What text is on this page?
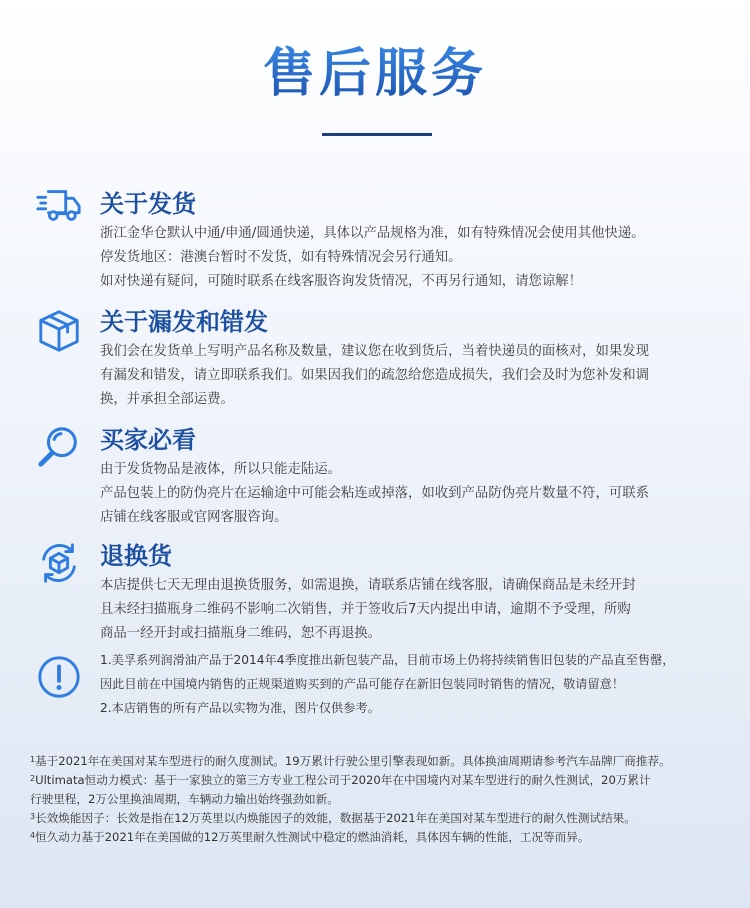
售后服务
关于发货

浙江金华仓默认中通/申通/圆通快递，具体以产品规格为准，如有特殊情况会使用其他快递。

停发货地区：港澳台暂时不发货，如有特殊情况会另行通知。

如对快递有疑问，可随时联系在线客服咨询发货情况，不再另行通知，请您谅解！

关于漏发和错发

我们会在发货单上写明产品名称及数量，建议您在收到货后，当着快递员的面核对，如果发现

有漏发和错发，请立即联系我们。如果因我们的疏忽给您造成损失，我们会及时为您补发和调

换，并承担全部运费。

买家必看

由于发货物品是液体，所以只能走陆运。

产品包装上的防伪亮片在运输途中可能会粘连或掉落，如收到产品防伪亮片数量不符，可联系

店铺在线客服或官网客服咨询。

退换货

本店提供七天无理由退换货服务，如需退换，请联系店铺在线客服，请确保商品是未经开封

且未经扫描瓶身二维码不影响二次销售，并于签收后7天内提出申请，逾期不予受理，所购

商品一经开封或扫描瓶身二维码，恕不再退换。

1.美孚系列润滑油产品于2014年4季度推出新包装产品，目前市场上仍将持续销售旧包装的产品直至售罄，

因此目前在中国境内销售的正规渠道购买到的产品可能存在新旧包装同时销售的情况，敬请留意！

2.本店销售的所有产品以实物为准，图片仅供参考。

$^1$基于2021年在美国对某车型进行的耐久度测试。19万累计行驶公里引擎表现如新。具体换油周期请参考汽车品牌厂商推荐。

$^2$Ultimata恒动力模式：基于一家独立的第三方专业工程公司于2020年在中国境内对某车型进行的耐久性测试，20万累计

行驶里程，2万公里换油周期，车辆动力输出始终强劲如新。

$^3$长效焕能因子：长效是指在12万英里以内焕能因子的效能，数据基于2021年在美国对某车型进行的耐久性测试结果。

$^4$恒久动力基于2021年在美国做的12万英里耐久性测试中稳定的燃油消耗，具体因车辆的性能，工况等而异。
